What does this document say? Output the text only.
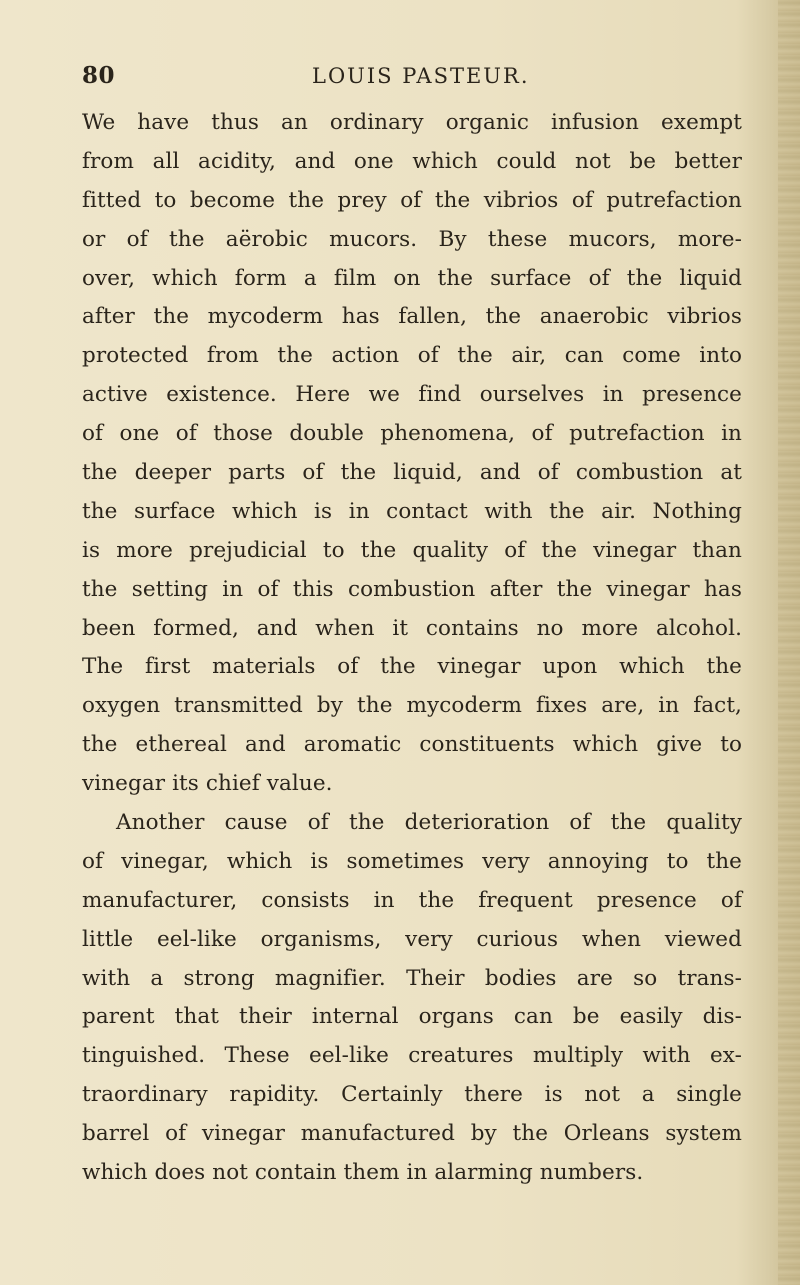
80	LOUIS PASTEUR.
We have thus an ordinary organic infusion exempt
from all acidity, and one which could not be better
fitted to become the prey of the vibrios of putrefaction
or of the aërobic mucors. By these mucors, more-
over, which form a film on the surface of the liquid
after the mycoderm has fallen, the anaerobic vibrios
protected from the action of the air, can come into
active existence. Here we find ourselves in presence
of one of those double phenomena, of putrefaction in
the deeper parts of the liquid, and of combustion at
the surface which is in contact with the air. Nothing
is more prejudicial to the quality of the vinegar than
the setting in of this combustion after the vinegar has
been formed, and when it contains no more alcohol.
The first materials of the vinegar upon which the
oxygen transmitted by the mycoderm fixes are, in fact,
the ethereal and aromatic constituents which give to
vinegar its chief value.
Another cause of the deterioration of the quality
of vinegar, which is sometimes very annoying to the
manufacturer, consists in the frequent presence of
little eel-like organisms, very curious when viewed
with a strong magnifier. Their bodies are so trans-
parent that their internal organs can be easily dis-
tinguished. These eel-like creatures multiply with ex-
traordinary rapidity. Certainly there is not a single
barrel of vinegar manufactured by the Orleans system
which does not contain them in alarming numbers.
